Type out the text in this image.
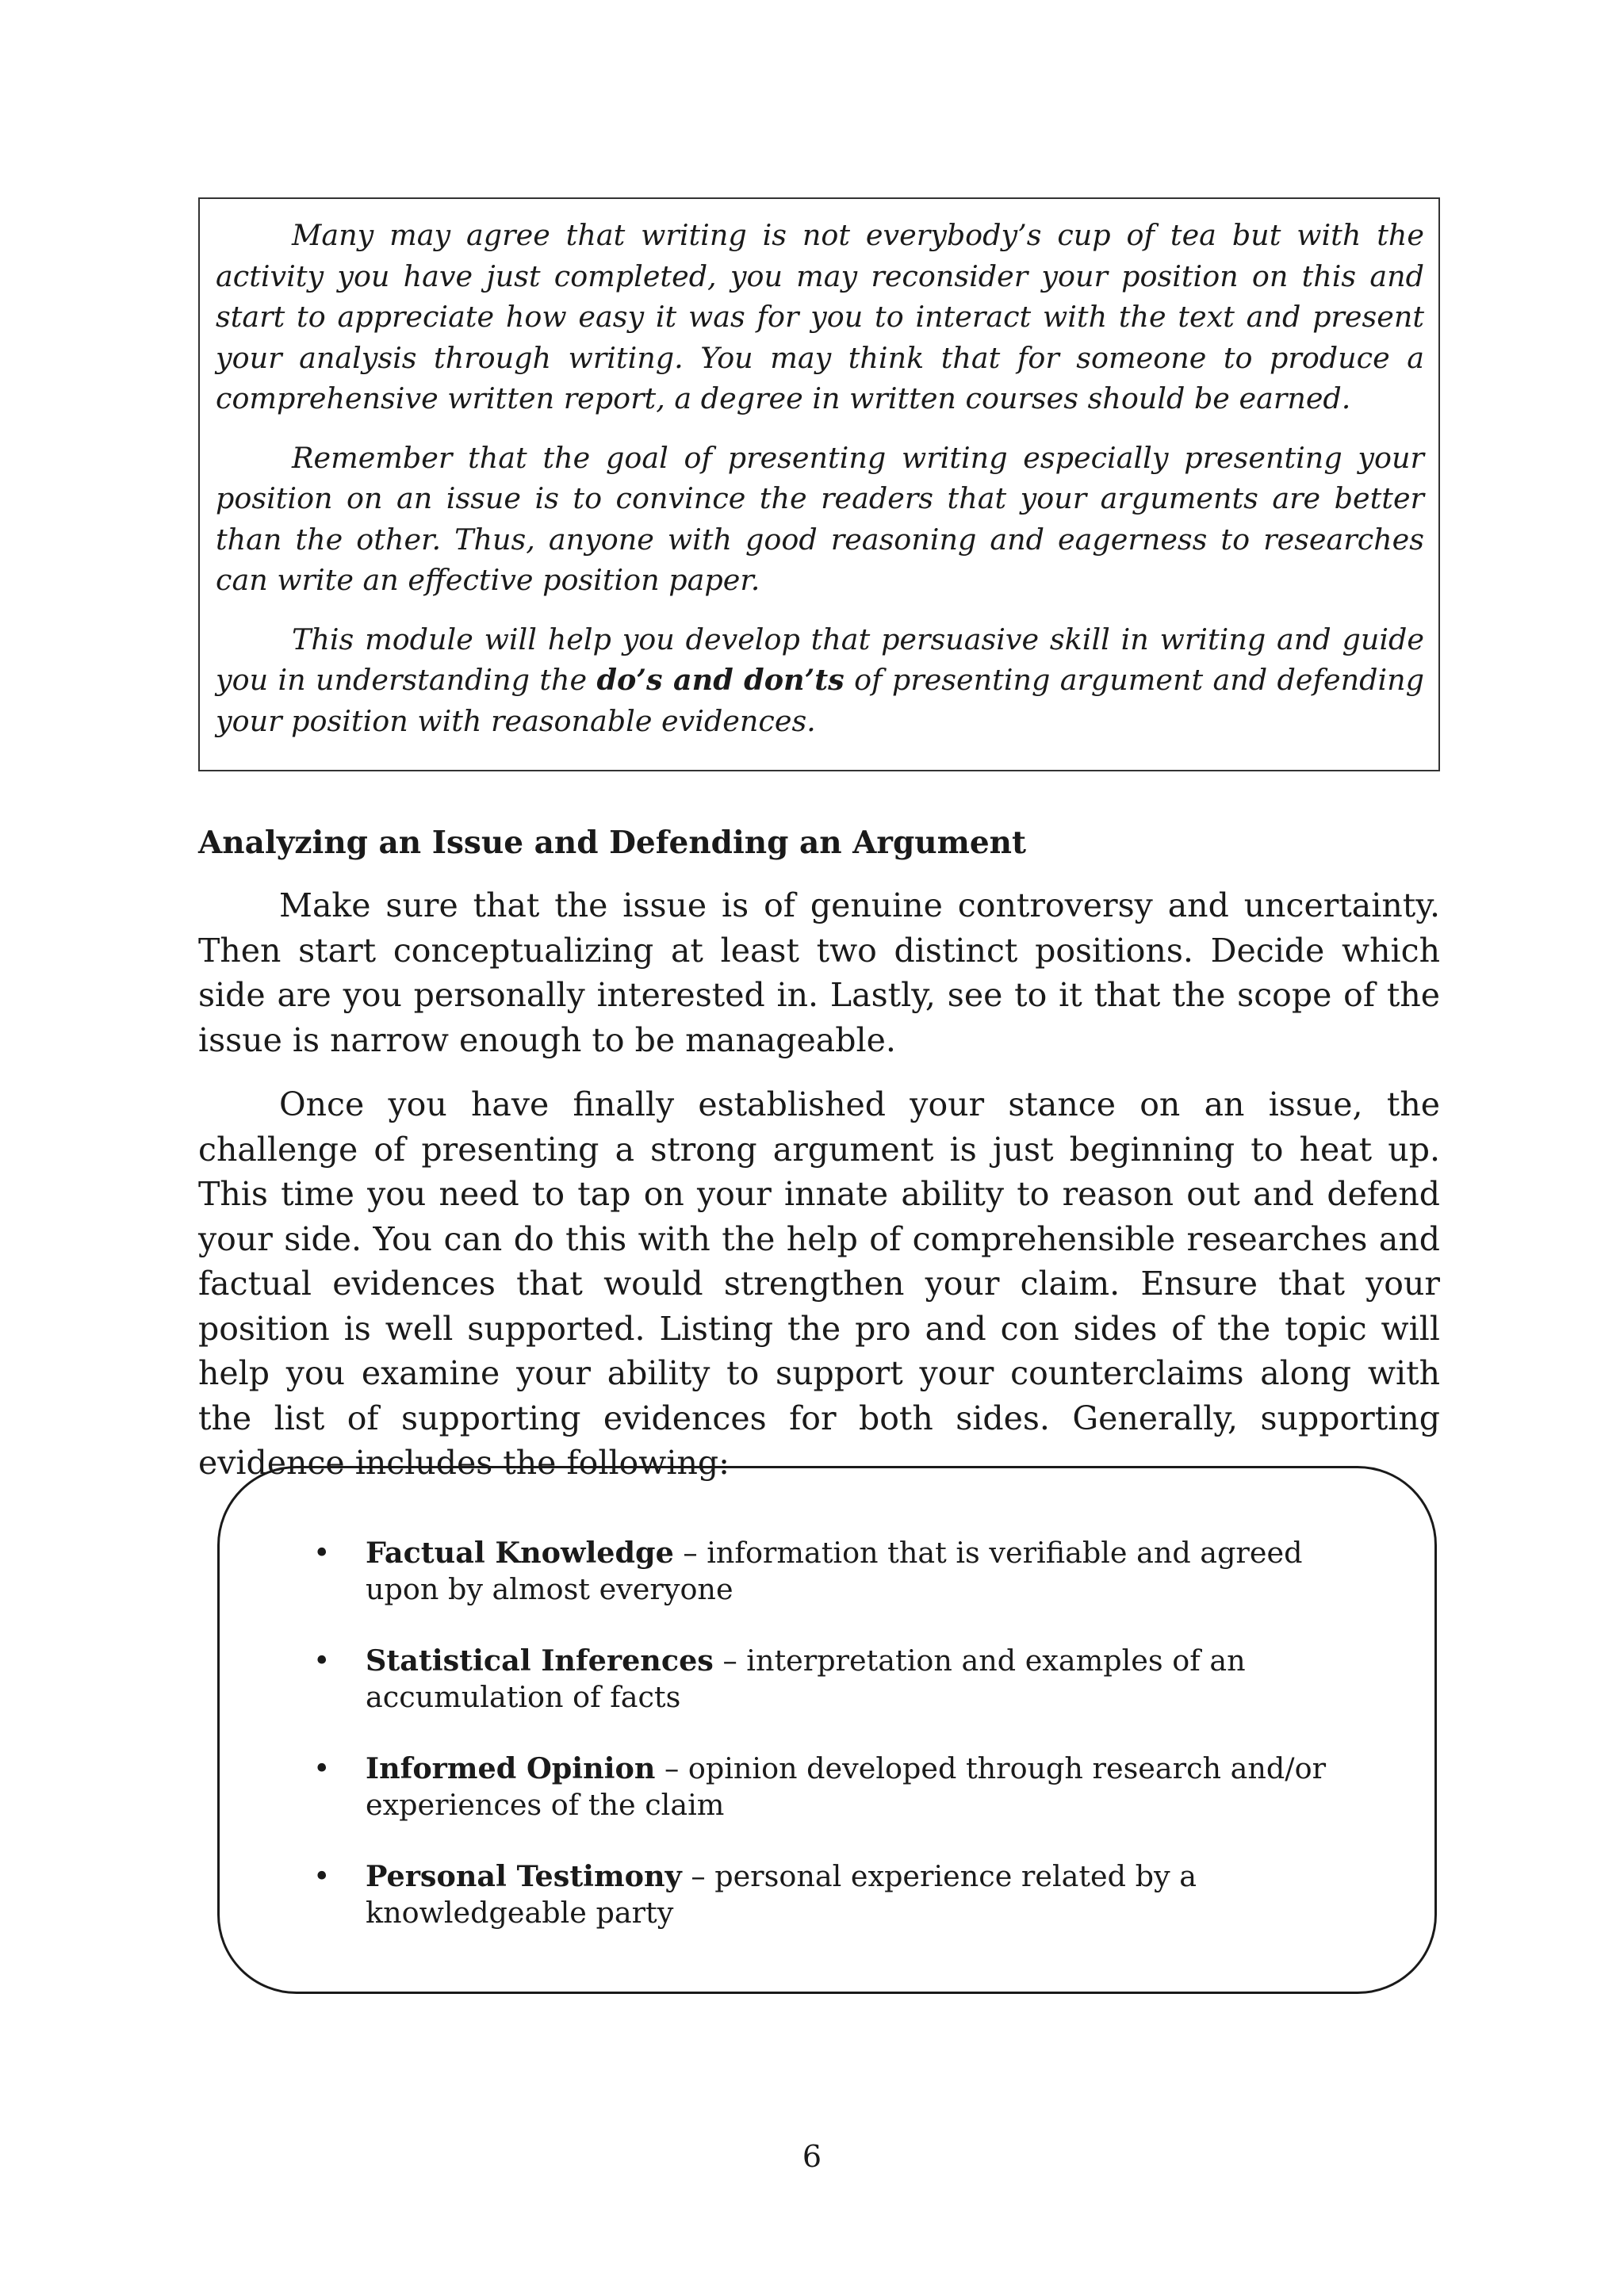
Many may agree that writing is not everybody’s cup of tea but with the activity you have just completed, you may reconsider your position on this and start to appreciate how easy it was for you to interact with the text and present your analysis through writing. You may think that for someone to produce a comprehensive written report, a degree in written courses should be earned.

Remember that the goal of presenting writing especially presenting your position on an issue is to convince the readers that your arguments are better than the other. Thus, anyone with good reasoning and eagerness to researches can write an effective position paper.

This module will help you develop that persuasive skill in writing and guide you in understanding the do’s and don’ts of presenting argument and defending your position with reasonable evidences.

Analyzing an Issue and Defending an Argument

Make sure that the issue is of genuine controversy and uncertainty. Then start conceptualizing at least two distinct positions. Decide which side are you personally interested in. Lastly, see to it that the scope of the issue is narrow enough to be manageable.

Once you have finally established your stance on an issue, the challenge of presenting a strong argument is just beginning to heat up. This time you need to tap on your innate ability to reason out and defend your side. You can do this with the help of comprehensible researches and factual evidences that would strengthen your claim. Ensure that your position is well supported. Listing the pro and con sides of the topic will help you examine your ability to support your counterclaims along with the list of supporting evidences for both sides. Generally, supporting evidence includes the following:

• Factual Knowledge – information that is verifiable and agreed upon by almost everyone
• Statistical Inferences – interpretation and examples of an accumulation of facts
• Informed Opinion – opinion developed through research and/or experiences of the claim
• Personal Testimony – personal experience related by a knowledgeable party
6
